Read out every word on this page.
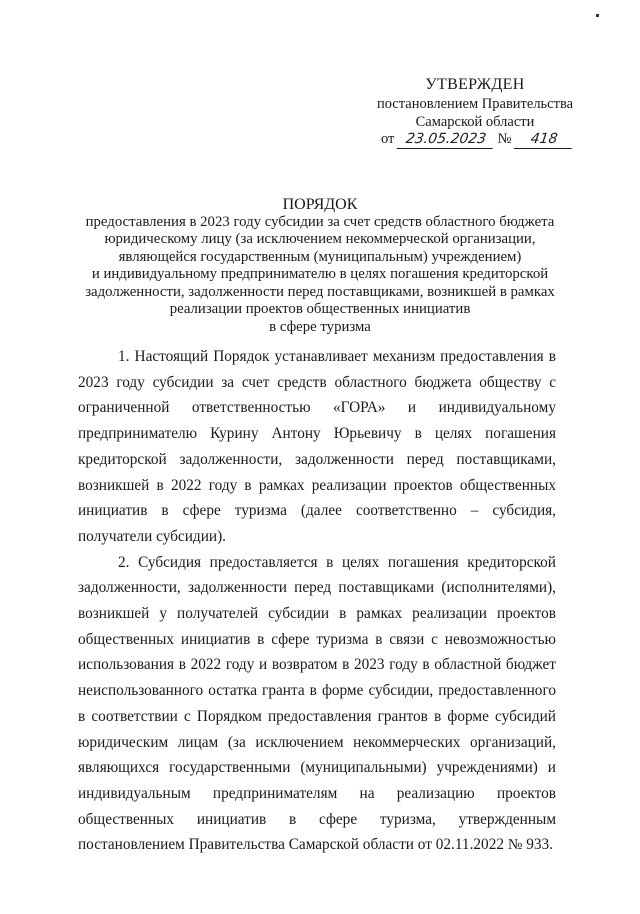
УТВЕРЖДЕН
постановлением Правительства
Самарской области
от 23.05.2023 № 418
ПОРЯДОК
предоставления в 2023 году субсидии за счет средств областного бюджета
юридическому лицу (за исключением некоммерческой организации,
являющейся государственным (муниципальным) учреждением)
и индивидуальному предпринимателю в целях погашения кредиторской
задолженности, задолженности перед поставщиками, возникшей в рамках
реализации проектов общественных инициатив
в сфере туризма

1. Настоящий Порядок устанавливает механизм предоставления в 2023 году субсидии за счет средств областного бюджета обществу с ограниченной ответственностью «ГОРА» и индивидуальному предпринимателю Курину Антону Юрьевичу в целях погашения кредиторской задолженности, задолженности перед поставщиками, возникшей в 2022 году в рамках реализации проектов общественных инициатив в сфере туризма (далее соответственно – субсидия, получатели субсидии).

2. Субсидия предоставляется в целях погашения кредиторской задолженности, задолженности перед поставщиками (исполнителями), возникшей у получателей субсидии в рамках реализации проектов общественных инициатив в сфере туризма в связи с невозможностью использования в 2022 году и возвратом в 2023 году в областной бюджет неиспользованного остатка гранта в форме субсидии, предоставленного в соответствии с Порядком предоставления грантов в форме субсидий юридическим лицам (за исключением некоммерческих организаций, являющихся государственными (муниципальными) учреждениями) и индивидуальным предпринимателям на реализацию проектов общественных инициатив в сфере туризма, утвержденным постановлением Правительства Самарской области от 02.11.2022 № 933.
